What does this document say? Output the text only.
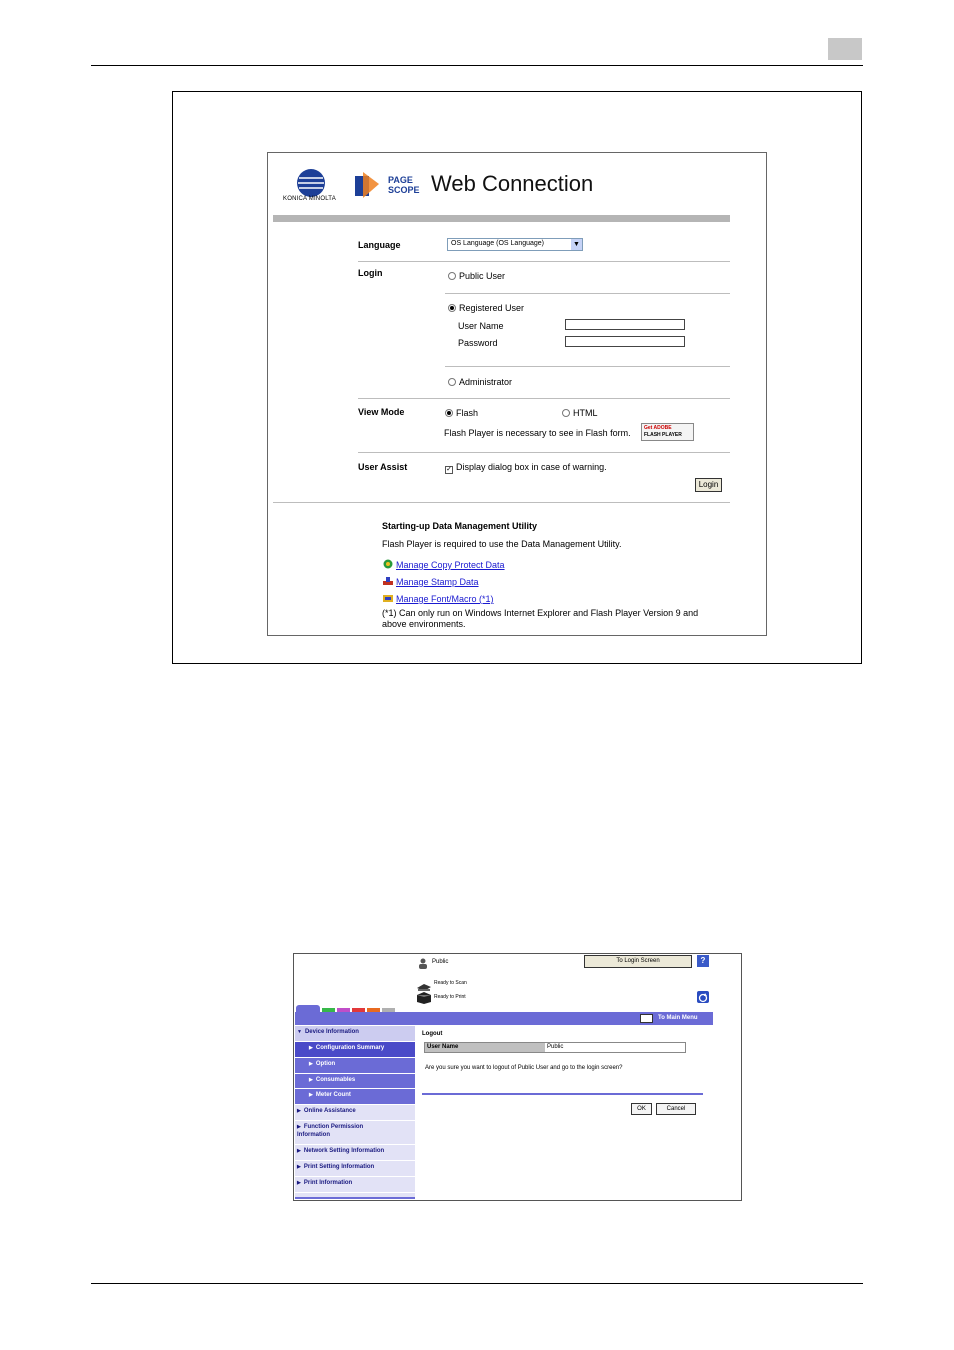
KONICA MINOLTA
PAGE SCOPE Web Connection
Language	OS Language (OS Language)	▼
Login	Public User
Registered User
User Name
Password
Administrator
View Mode	Flash	HTML
Flash Player is necessary to see in Flash form.	Get ADOBE
FLASH PLAYER
User Assist	✓ Display dialog box in case of warning.
Login
Starting-up Data Management Utility
Flash Player is required to use the Data Management Utility.
Manage Copy Protect Data
Manage Stamp Data
Manage Font/Macro (*1)
(*1) Can only run on Windows Internet Explorer and Flash Player Version 9 and
above environments.
Public	To Login Screen	?
Ready to Scan
Ready to Print
To Main Menu
▼ Device Information
▶ Configuration Summary
▶ Option
▶ Consumables
▶ Meter Count
▶ Online Assistance
▶ Function Permission Information
▶ Network Setting Information
▶ Print Setting Information
▶ Print Information
Logout
User Name	Public
Are you sure you want to logout of Public User and go to the login screen?
OK	Cancel
